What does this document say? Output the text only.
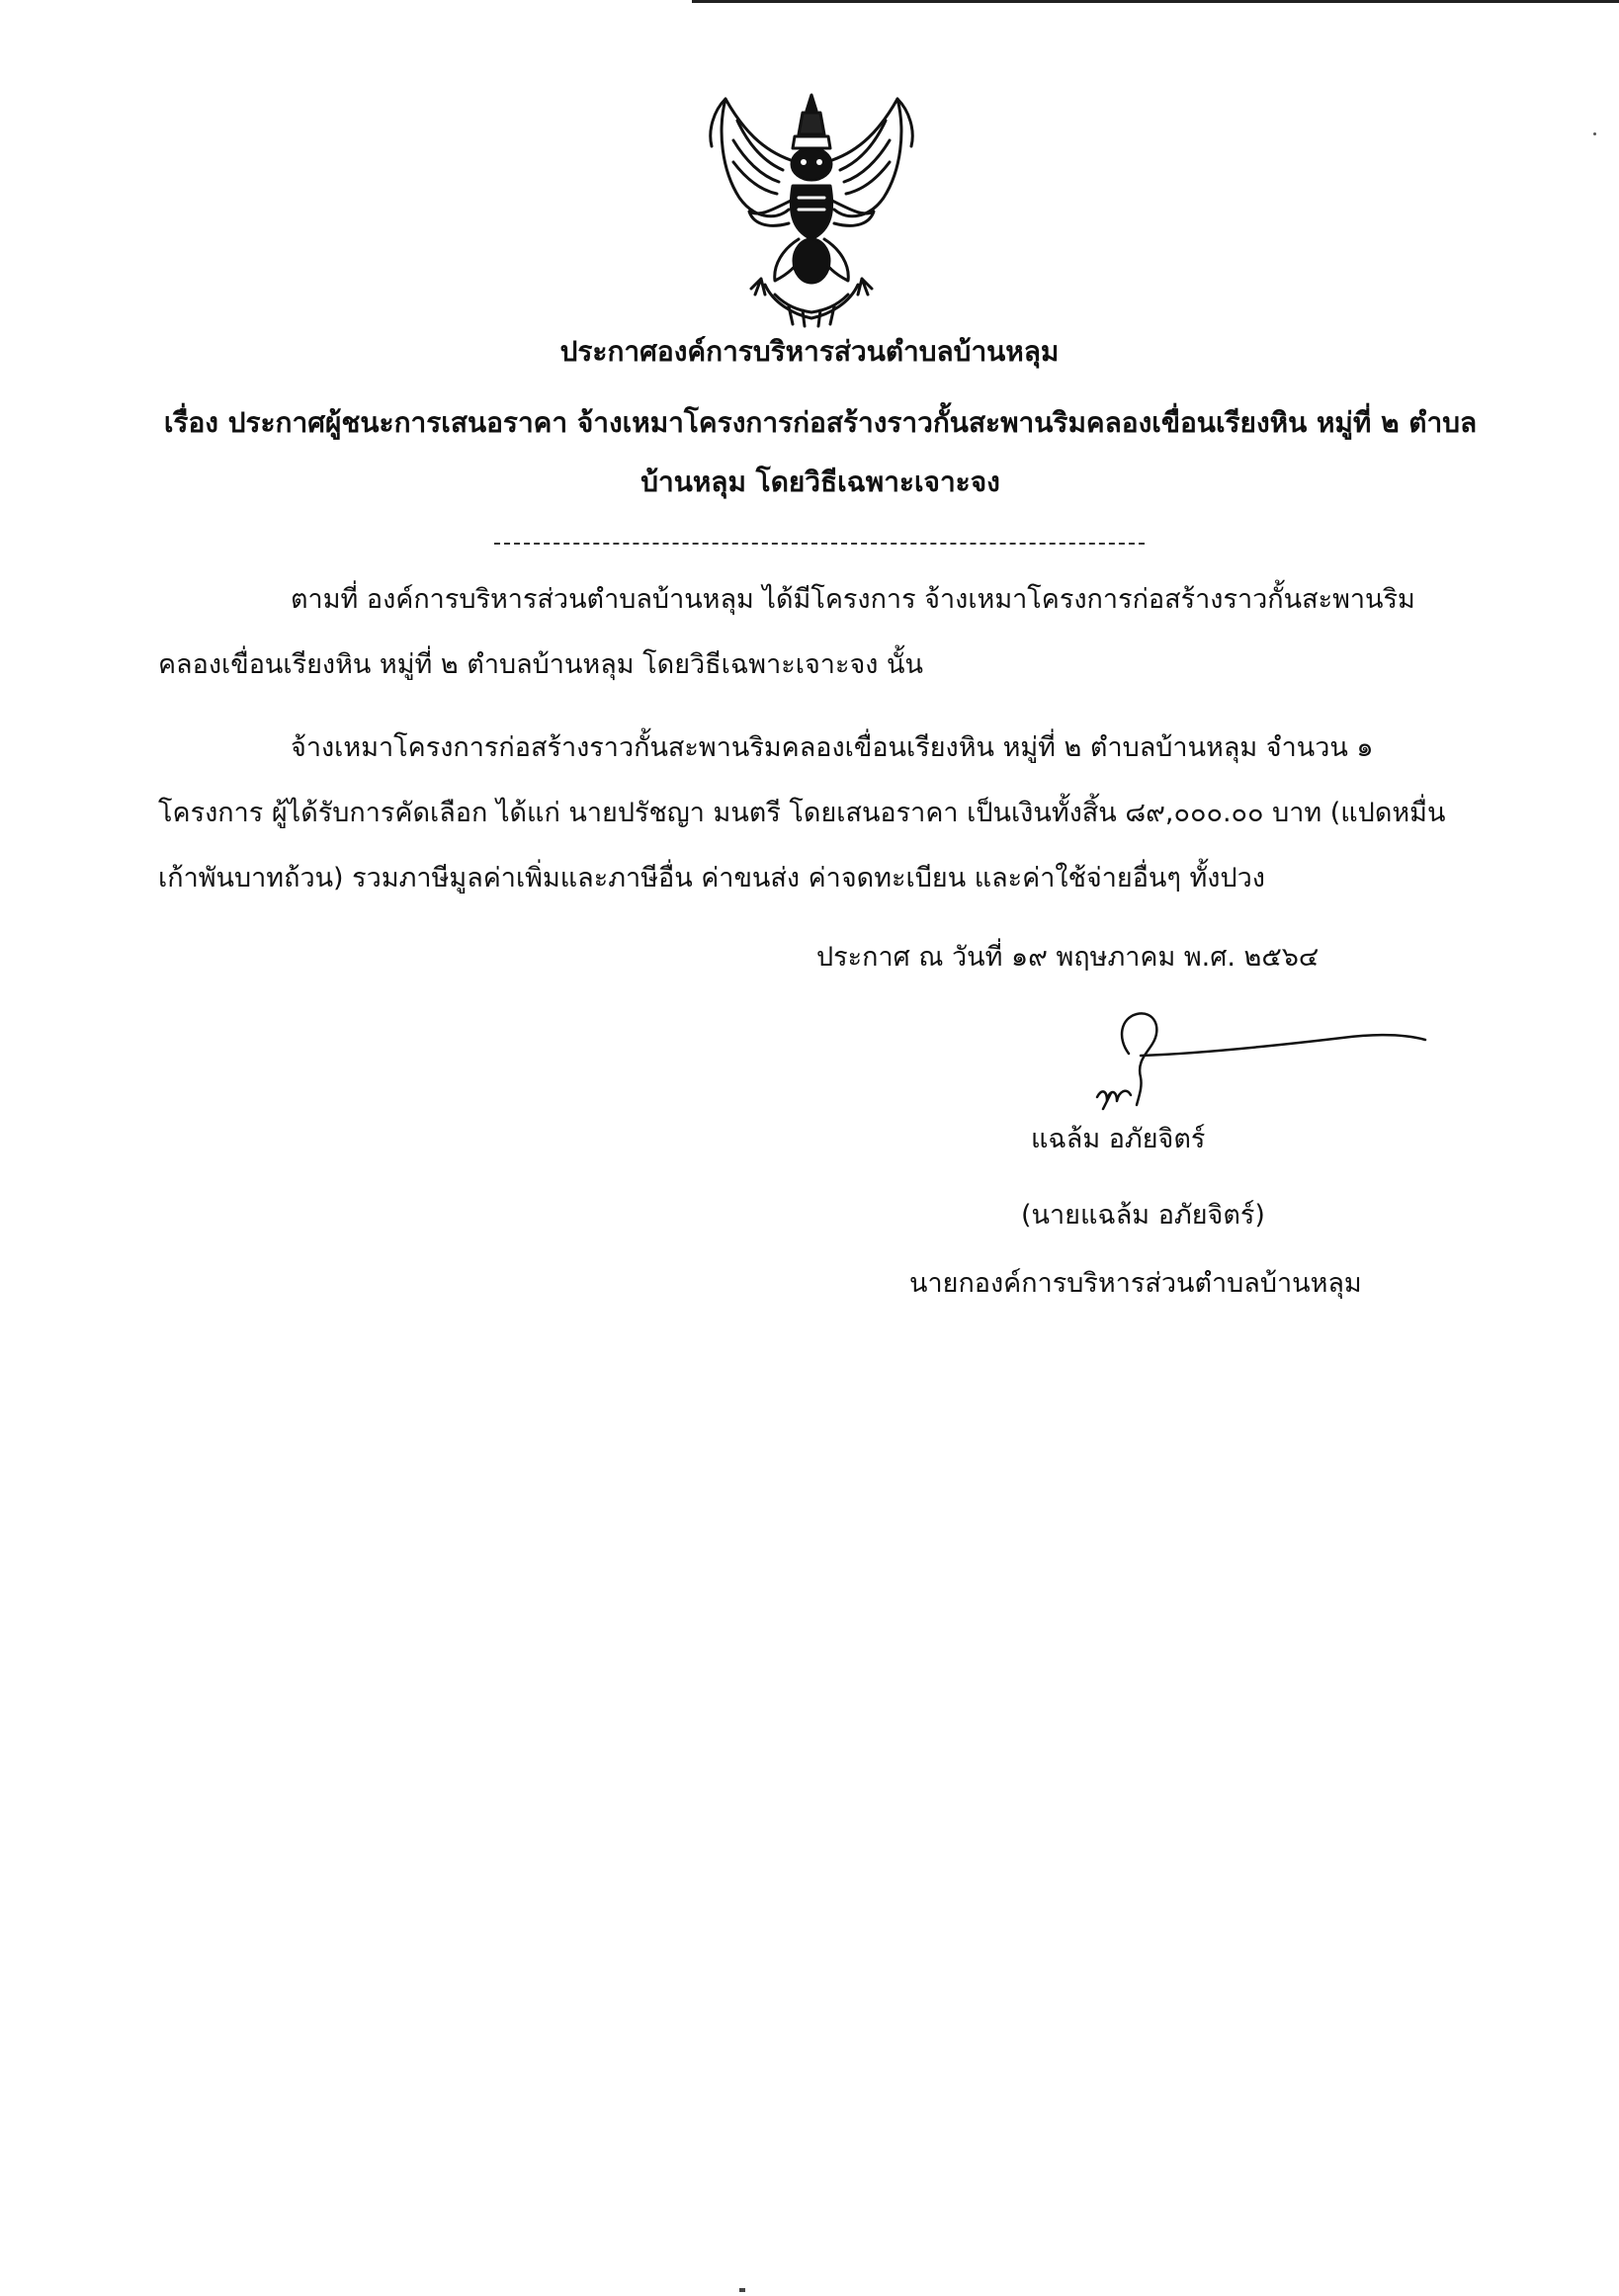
ประกาศองค์การบริหารส่วนตำบลบ้านหลุม
เรื่อง ประกาศผู้ชนะการเสนอราคา จ้างเหมาโครงการก่อสร้างราวกั้นสะพานริมคลองเขื่อนเรียงหิน หมู่ที่ ๒ ตำบล
บ้านหลุม โดยวิธีเฉพาะเจาะจง
ตามที่ องค์การบริหารส่วนตำบลบ้านหลุม ได้มีโครงการ จ้างเหมาโครงการก่อสร้างราวกั้นสะพานริม
คลองเขื่อนเรียงหิน หมู่ที่ ๒ ตำบลบ้านหลุม โดยวิธีเฉพาะเจาะจง นั้น
จ้างเหมาโครงการก่อสร้างราวกั้นสะพานริมคลองเขื่อนเรียงหิน หมู่ที่ ๒ ตำบลบ้านหลุม จำนวน ๑
โครงการ ผู้ได้รับการคัดเลือก ได้แก่ นายปรัชญา มนตรี โดยเสนอราคา เป็นเงินทั้งสิ้น ๘๙,๐๐๐.๐๐ บาท (แปดหมื่น
เก้าพันบาทถ้วน) รวมภาษีมูลค่าเพิ่มและภาษีอื่น ค่าขนส่ง ค่าจดทะเบียน และค่าใช้จ่ายอื่นๆ ทั้งปวง
ประกาศ ณ วันที่ ๑๙ พฤษภาคม พ.ศ. ๒๕๖๔
แฉล้ม อภัยจิตร์
(นายแฉล้ม อภัยจิตร์)
นายกองค์การบริหารส่วนตำบลบ้านหลุม
